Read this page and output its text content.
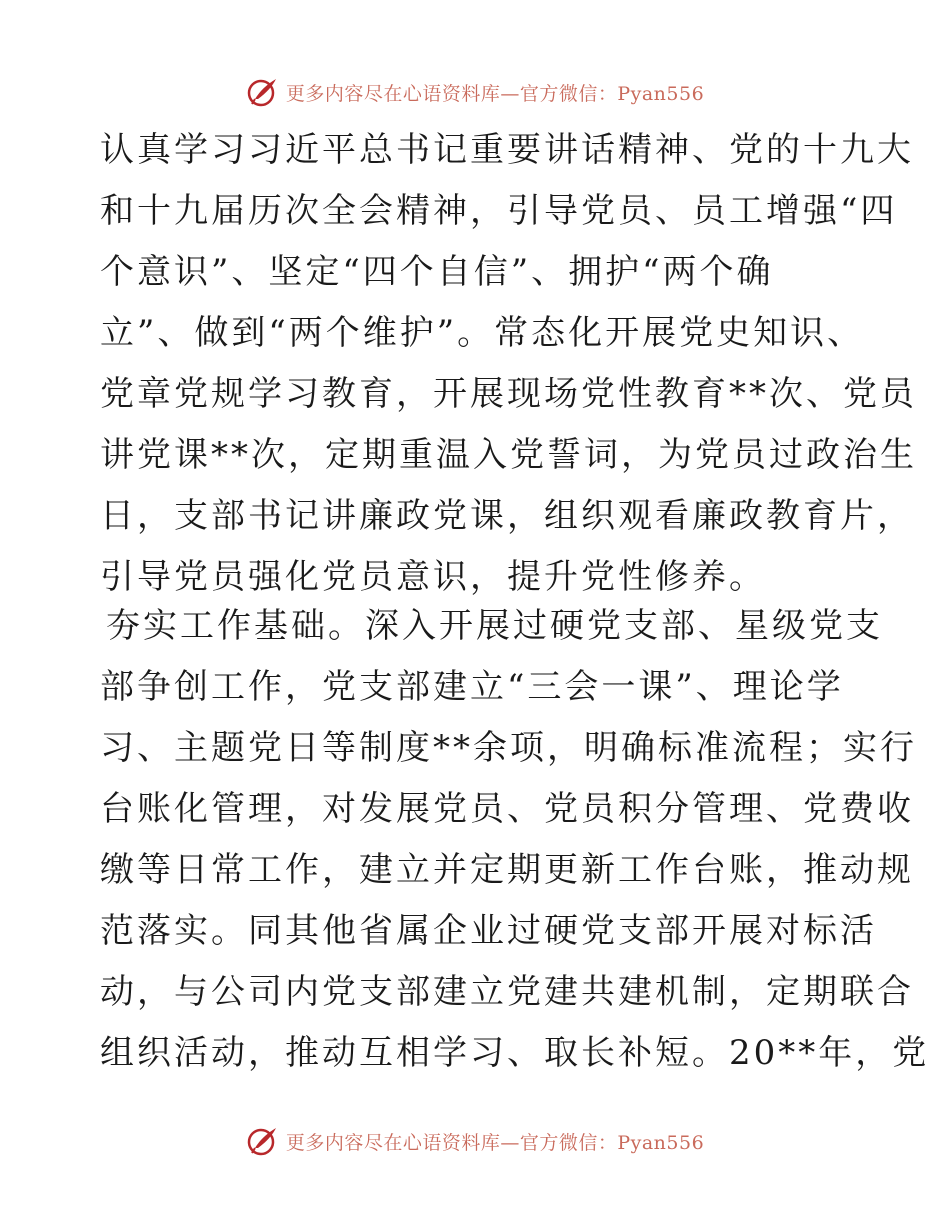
更多内容尽在心语资料库—官方微信：Pyan556
认真学习习近平总书记重要讲话精神、党的十九大
和十九届历次全会精神，引导党员、员工增强“四
个意识”、坚定“四个自信”、拥护“两个确
立”、做到“两个维护”。常态化开展党史知识、
党章党规学习教育，开展现场党性教育**次、党员
讲党课**次，定期重温入党誓词，为党员过政治生
日，支部书记讲廉政党课，组织观看廉政教育片，
引导党员强化党员意识，提升党性修养。
夯实工作基础。深入开展过硬党支部、星级党支
部争创工作，党支部建立“三会一课”、理论学
习、主题党日等制度**余项，明确标准流程；实行
台账化管理，对发展党员、党员积分管理、党费收
缴等日常工作，建立并定期更新工作台账，推动规
范落实。同其他省属企业过硬党支部开展对标活
动，与公司内党支部建立党建共建机制，定期联合
组织活动，推动互相学习、取长补短。20**年，党
更多内容尽在心语资料库—官方微信：Pyan556
